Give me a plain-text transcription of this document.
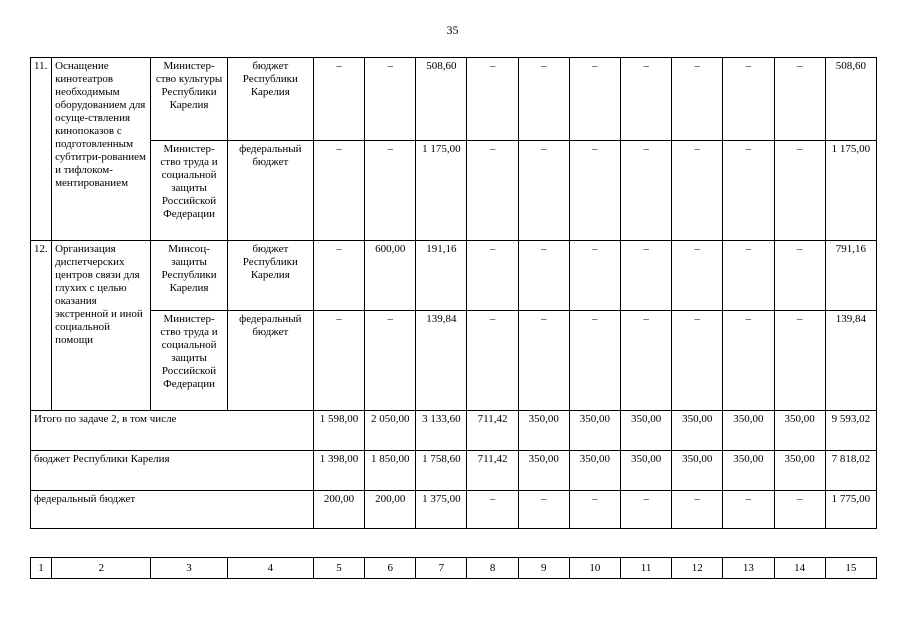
35
11.	Оснащение кинотеатров необходимым оборудованием для осуще-ствления кинопоказов с подготовленным субтитри-рованием и тифлоком-ментированием	Министер-ство культуры Республики Карелия	бюджет Республики Карелия	–	–	508,60	–	–	–	–	–	–	–	508,60
		Министер-ство труда и социальной защиты Российской Федерации	федеральный бюджет	–	–	1 175,00	–	–	–	–	–	–	–	1 175,00
12.	Организация диспетчерских центров связи для глухих с целью оказания экстренной и иной социальной помощи	Минсоц-защиты Республики Карелия	бюджет Республики Карелия	–	600,00	191,16	–	–	–	–	–	–	–	791,16
		Министер-ство труда и социальной защиты Российской Федерации	федеральный бюджет	–	–	139,84	–	–	–	–	–	–	–	139,84
Итого по задаче 2, в том числе				1 598,00	2 050,00	3 133,60	711,42	350,00	350,00	350,00	350,00	350,00	350,00	9 593,02
бюджет Республики Карелия				1 398,00	1 850,00	1 758,60	711,42	350,00	350,00	350,00	350,00	350,00	350,00	7 818,02
федеральный бюджет				200,00	200,00	1 375,00	–	–	–	–	–	–	–	1 775,00
1	2	3	4	5	6	7	8	9	10	11	12	13	14	15
